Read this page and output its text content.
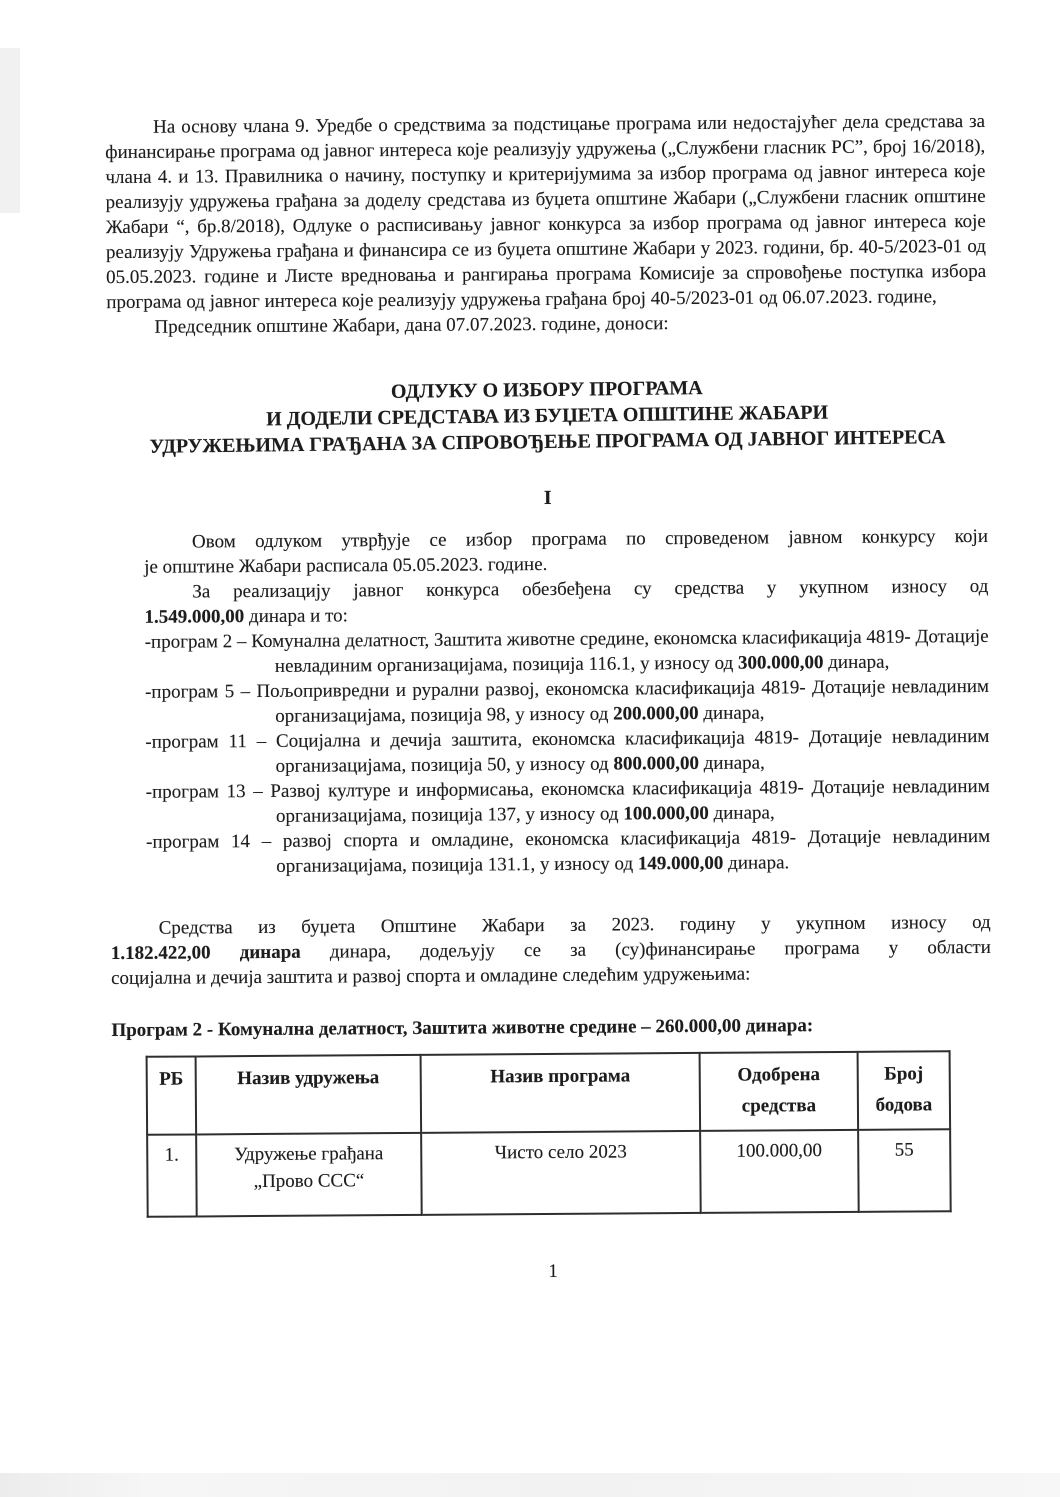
На основу члана 9. Уредбе о средствима за подстицање програма или недостајућег дела средстава за финансирање програма од јавног интереса које реализују удружења („Службени гласник РС”, број 16/2018), члана 4. и 13. Правилника о начину, поступку и критеријумима за избор програма од јавног интереса које реализују удружења грађана за доделу средстава из буџета општине Жабари („Службени гласник општине Жабари “, бр.8/2018), Одлуке о расписивању јавног конкурса за избор програма од јавног интереса које реализују Удружења грађана и финансира се из буџета општине Жабари у 2023. години, бр. 40-5/2023-01 од 05.05.2023. године и Листе вредновања и рангирања програма Комисије за спровођење поступка избора програма од јавног интереса које реализују удружења грађана број 40-5/2023-01 од 06.07.2023. године,

Председник општине Жабари, дана 07.07.2023. године, доноси:

ОДЛУКУ О ИЗБОРУ ПРОГРАМА
И ДОДЕЛИ СРЕДСТАВА ИЗ БУЏЕТА ОПШТИНЕ ЖАБАРИ
УДРУЖЕЊИМА ГРАЂАНА ЗА СПРОВОЂЕЊЕ ПРОГРАМА ОД ЈАВНОГ ИНТЕРЕСА
I

Овом одлуком утврђује се избор програма по спроведеном јавном конкурсу који
је општине Жабари расписала 05.05.2023. године.

За реализацију јавног конкурса обезбеђена су средства у укупном износу од
1.549.000,00 динара и то:

-програм 2 – Комунална делатност, Заштита животне средине, економска класификација 4819- Дотације невладиним организацијама, позиција 116.1, у износу од 300.000,00 динара,

-програм 5 – Пољопривредни и рурални развој, економска класификација 4819- Дотације невладиним организацијама, позиција 98, у износу од 200.000,00 динара,

-програм 11 – Социјална и дечија заштита, економска класификација 4819- Дотације невладиним организацијама, позиција 50, у износу од 800.000,00 динара,

-програм 13 – Развој културе и информисања, економска класификација 4819- Дотације невладиним организацијама, позиција 137, у износу од 100.000,00 динара,

-програм 14 – развој спорта и омладине, економска класификација 4819- Дотације невладиним организацијама, позиција 131.1, у износу од 149.000,00 динара.

Средства из буџета Општине Жабари за 2023. годину у укупном износу од
1.182.422,00 динара динара, додељују се за (су)финансирање програма у области
социјална и дечија заштита и развој спорта и омладине следећим удружењима:

Програм 2 - Комунална делатност, Заштита животне средине – 260.000,00 динара:

РБ	Назив удружења	Назив програма	Одобрена средства	Број бодова
1.	Удружење грађана
„Прово ССС“	Чисто село 2023	100.000,00	55
1
